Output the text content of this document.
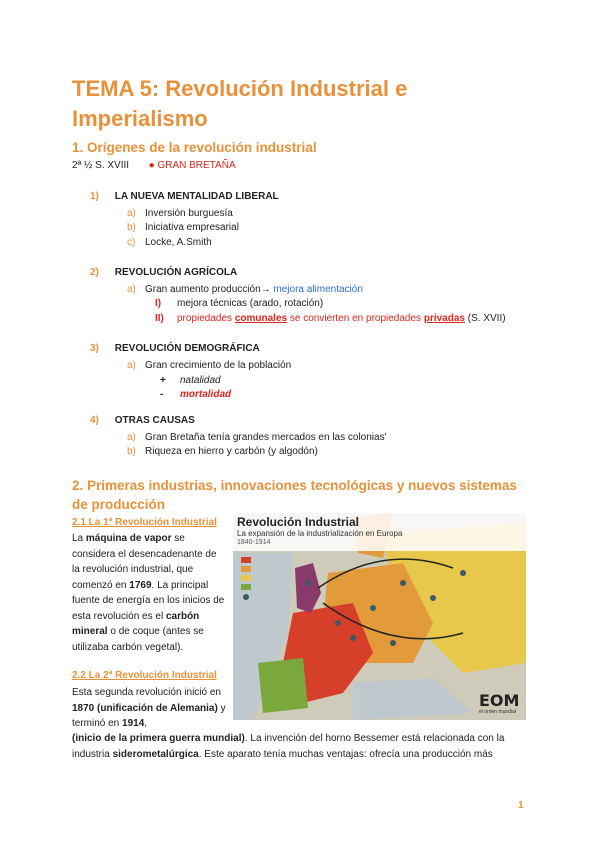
TEMA 5: Revolución Industrial e Imperialismo
1. Orígenes de la revolución industrial
2ª ½ S. XVIII ● GRAN BRETAÑA
1) LA NUEVA MENTALIDAD LIBERAL
a) Inversión burguesía
b) Iniciativa empresarial
c) Locke, A.Smith
2) REVOLUCIÓN AGRÍCOLA
a) Gran aumento producción→ mejora alimentación
I) mejora técnicas (arado, rotación)
II) propiedades comunales se convierten en propiedades privadas (S. XVII)
3) REVOLUCIÓN DEMOGRÁFICA
a) Gran crecimiento de la población
+ natalidad
- mortalidad
4) OTRAS CAUSAS
a) Gran Bretaña tenía grandes mercados en las colonias'
b) Riqueza en hierro y carbón (y algodón)
2. Primeras industrias, innovaciones tecnológicas y nuevos sistemas de producción
2.1 La 1ª Revolución Industrial
La máquina de vapor se considera el desencadenante de la revolución industrial, que comenzó en 1769. La principal fuente de energía en los inicios de esta revolución es el carbón mineral o de coque (antes se utilizaba carbón vegetal).
2.2 La 2ª Revolución Industrial
Esta segunda revolución inició en 1870 (unificación de Alemania) y terminó en 1914,
(inicio de la primera guerra mundial). La invención del horno Bessemer está relacionada con la industria siderometalúrgica. Este aparato tenía muchas ventajas: ofrecía una producción más
Revolución Industrial
La expansión de la industrialización en Europa
1840-1914
EOM
el orden mundial
1
